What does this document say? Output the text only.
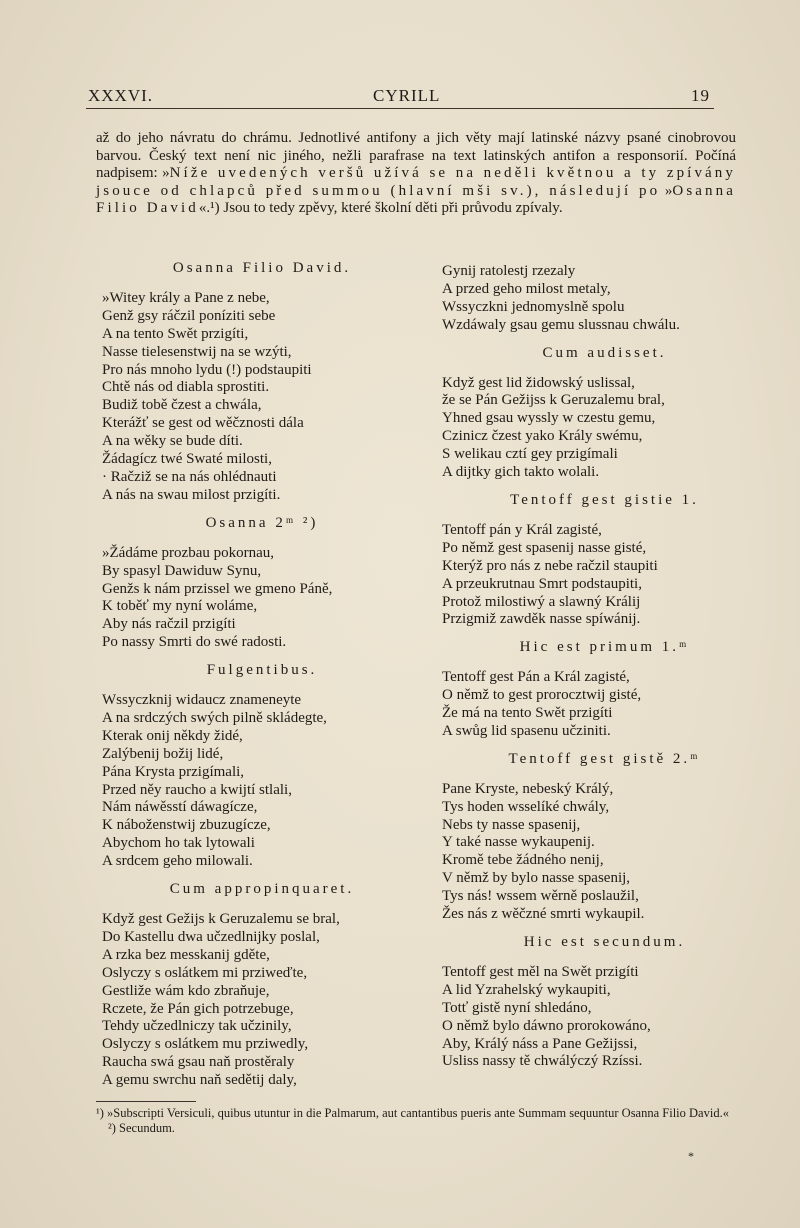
XXXVI.	CYRILL	19

až do jeho návratu do chrámu. Jednotlivé antifony a jich věty mají latinské názvy psané cinobrovou barvou. Český text není nic jiného, nežli parafrase na text latinských antifon a responsorií. Počíná nadpisem: »Níže uvedených veršů užívá se na neděli květnou a ty zpívány jsouce od chlapců před summou (hlavní mši sv.), následují po »Osanna Filio David«.¹) Jsou to tedy zpěvy, které školní děti při průvodu zpívaly.

Osanna Filio David.
»Witey krály a Pane z nebe,
Genž gsy ráčzil poníziti sebe
A na tento Swět przigíti,
Nasse tielesenstwij na se wzýti,
Pro nás mnoho lydu (!) podstaupiti
Chtě nás od diabla sprostiti.
Budiž tobě čzest a chwála,
Kterážť se gest od wěčznosti dála
A na wěky se bude díti.
Žádagícz twé Swaté milosti,
· Račziž se na nás ohlédnauti
A nás na swau milost przigíti.
Osanna 2ᵐ ²)
»Žádáme prozbau pokornau,
By spasyl Dawiduw Synu,
Genžs k nám przissel we gmeno Páně,
K toběť my nyní woláme,
Aby nás račzil przigíti
Po nassy Smrti do swé radosti.
Fulgentibus.
Wssyczknij widaucz znameneyte
A na srdczých swých pilně skládegte,
Kterak onij někdy židé,
Zalýbenij božij lidé,
Pána Krysta przigímali,
Przed něy raucho a kwijtí stlali,
Nám náwěsstí dáwagícze,
K náboženstwij zbuzugícze,
Abychom ho tak lytowali
A srdcem geho milowali.
Cum appropinquaret.
Když gest Gežijs k Geruzalemu se bral,
Do Kastellu dwa učzedlnijky poslal,
A rzka bez messkanij gděte,
Oslyczy s oslátkem mi prziweďte,
Gestliže wám kdo zbraňuje,
Rczete, že Pán gich potrzebuge,
Tehdy učzedlniczy tak učzinily,
Oslyczy s oslátkem mu prziwedly,
Raucha swá gsau naň prostěraly
A gemu swrchu naň sedětij daly,
Gynij ratolestj rzezaly
A przed geho milost metaly,
Wssyczkni jednomyslně spolu
Wzdáwaly gsau gemu slussnau chwálu.
Cum audisset.
Když gest lid židowský uslissal,
že se Pán Gežijss k Geruzalemu bral,
Yhned gsau wyssly w czestu gemu,
Czinicz čzest yako Krály swému,
S welikau cztí gey przigímali
A dijtky gich takto wolali.
Tentoff gest gistie 1.
Tentoff pán y Král zagisté,
Po němž gest spasenij nasse gisté,
Kterýž pro nás z nebe račzil staupiti
A przeukrutnau Smrt podstaupiti,
Protož milostiwý a slawný Králij
Przigmiž zawděk nasse spíwánij.
Hic est primum 1.ᵐ
Tentoff gest Pán a Král zagisté,
O němž to gest prorocztwij gisté,
Že má na tento Swět przigíti
A swůg lid spasenu učziniti.
Tentoff gest gistě 2.ᵐ
Pane Kryste, nebeský Králý,
Tys hoden wsselíké chwály,
Nebs ty nasse spasenij,
Y také nasse wykaupenij.
Kromě tebe žádného nenij,
V němž by bylo nasse spasenij,
Tys nás! wssem wěrně poslaužil,
Žes nás z wěčzné smrti wykaupil.
Hic est secundum.
Tentoff gest měl na Swět przigíti
A lid Yzrahelský wykaupiti,
Totť gistě nyní shledáno,
O němž bylo dáwno prorokowáno,
Aby, Králý náss a Pane Gežijssi,
Usliss nassy tě chwálýczý Rzíssi.

¹) »Subscripti Versiculi, quibus utuntur in die Palmarum, aut cantantibus pueris ante Summam sequuntur Osanna Filio David.«

²) Secundum.

*
